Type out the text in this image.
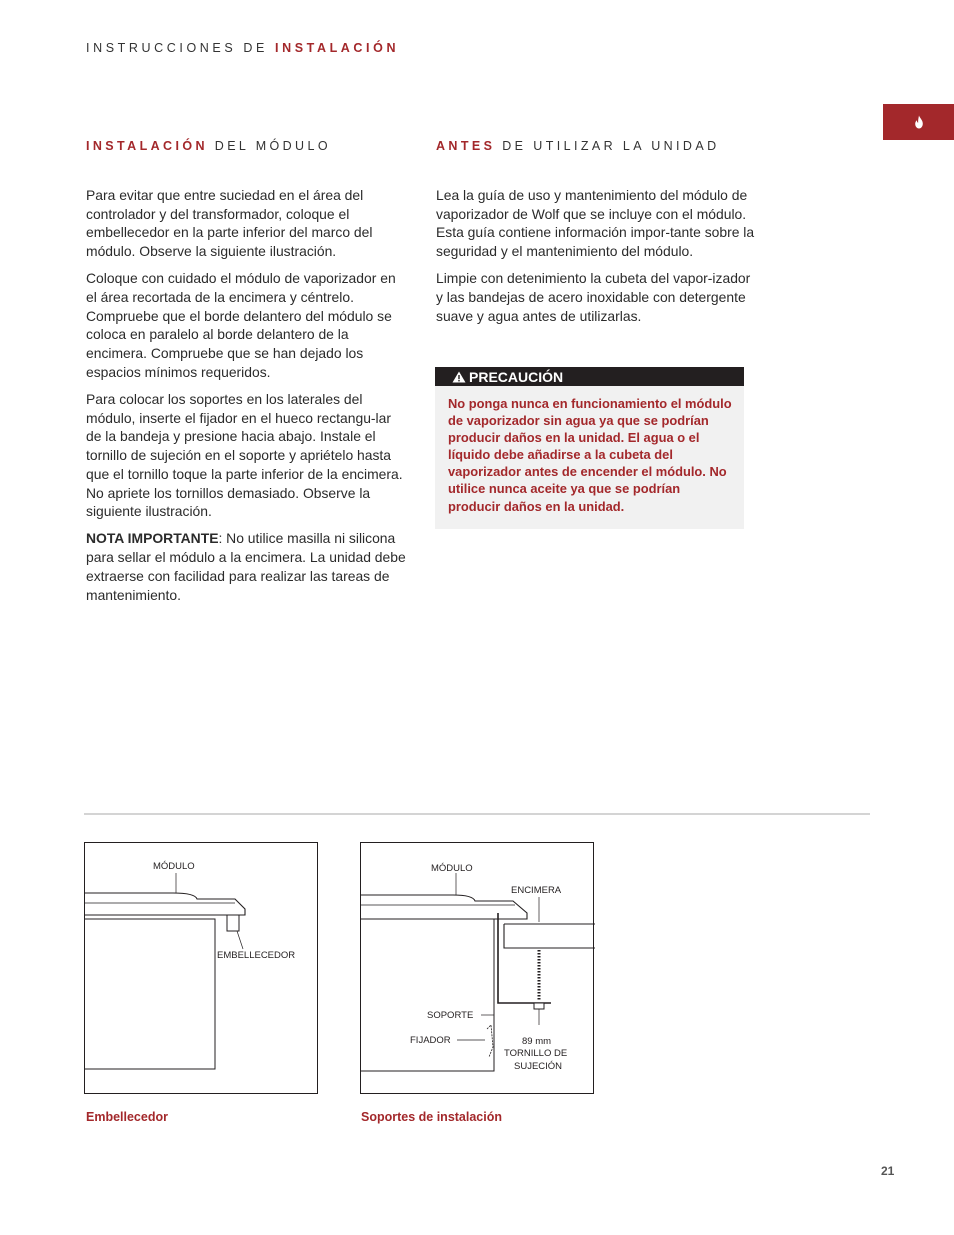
INSTRUCCIONES DE INSTALACIÓN
INSTALACIÓN DEL MÓDULO	ANTES DE UTILIZAR LA UNIDAD

Para evitar que entre suciedad en el área del controlador y del transformador, coloque el embellecedor en la parte inferior del marco del módulo. Observe la siguiente ilustración.

Coloque con cuidado el módulo de vaporizador en el área recortada de la encimera y céntrelo. Compruebe que el borde delantero del módulo se coloca en paralelo al borde delantero de la encimera. Compruebe que se han dejado los espacios mínimos requeridos.

Para colocar los soportes en los laterales del módulo, inserte el fijador en el hueco rectangu-lar de la bandeja y presione hacia abajo. Instale el tornillo de sujeción en el soporte y apriételo hasta que el tornillo toque la parte inferior de la encimera. No apriete los tornillos demasiado. Observe la siguiente ilustración.

NOTA IMPORTANTE: No utilice masilla ni silicona para sellar el módulo a la encimera. La unidad debe extraerse con facilidad para realizar las tareas de mantenimiento.

Lea la guía de uso y mantenimiento del módulo de vaporizador de Wolf que se incluye con el módulo. Esta guía contiene información impor-tante sobre la seguridad y el mantenimiento del módulo.

Limpie con detenimiento la cubeta del vapor-izador y las bandejas de acero inoxidable con detergente suave y agua antes de utilizarlas.

PRECAUCIÓN
No ponga nunca en funcionamiento el módulo de vaporizador sin agua ya que se podrían producir daños en la unidad. El agua o el líquido debe añadirse a la cubeta del vaporizador antes de encender el módulo. No utilice nunca aceite ya que se podrían producir daños en la unidad.
MÓDULO
EMBELLECEDOR
MÓDULO
ENCIMERA
SOPORTE
FIJADOR	89 mm
TORNILLO DE
SUJECIÓN
Embellecedor	Soportes de instalación
21
